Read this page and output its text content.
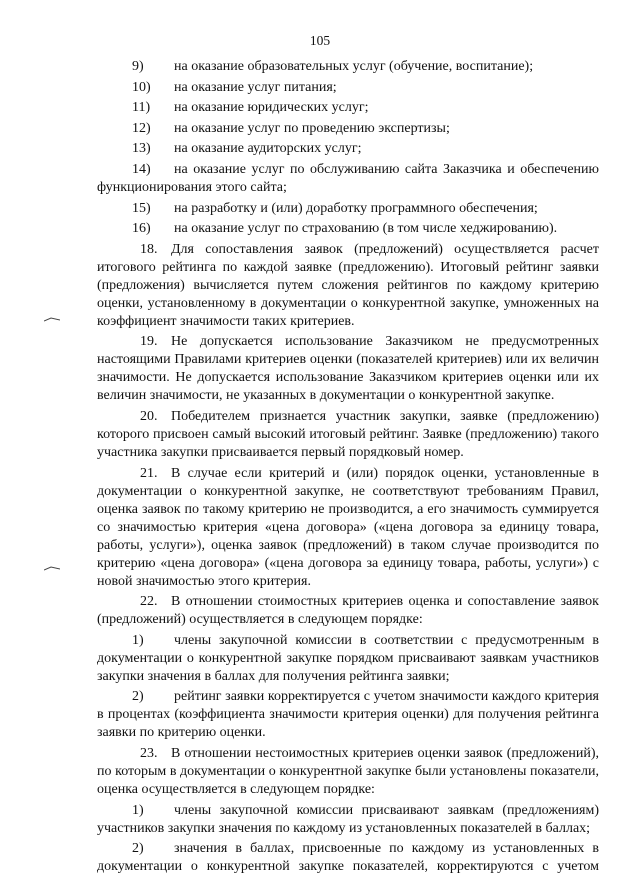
105
9) на оказание образовательных услуг (обучение, воспитание);
10) на оказание услуг питания;
11) на оказание юридических услуг;
12) на оказание услуг по проведению экспертизы;
13) на оказание аудиторских услуг;
14) на оказание услуг по обслуживанию сайта Заказчика и обеспечению функционирования этого сайта;
15) на разработку и (или) доработку программного обеспечения;
16) на оказание услуг по страхованию (в том числе хеджированию).
18. Для сопоставления заявок (предложений) осуществляется расчет итогового рейтинга по каждой заявке (предложению). Итоговый рейтинг заявки (предложения) вычисляется путем сложения рейтингов по каждому критерию оценки, установленному в документации о конкурентной закупке, умноженных на коэффициент значимости таких критериев.
19. Не допускается использование Заказчиком не предусмотренных настоящими Правилами критериев оценки (показателей критериев) или их величин значимости. Не допускается использование Заказчиком критериев оценки или их величин значимости, не указанных в документации о конкурентной закупке.
20. Победителем признается участник закупки, заявке (предложению) которого присвоен самый высокий итоговый рейтинг. Заявке (предложению) такого участника закупки присваивается первый порядковый номер.
21. В случае если критерий и (или) порядок оценки, установленные в документации о конкурентной закупке, не соответствуют требованиям Правил, оценка заявок по такому критерию не производится, а его значимость суммируется со значимостью критерия «цена договора» («цена договора за единицу товара, работы, услуги»), оценка заявок (предложений) в таком случае производится по критерию «цена договора» («цена договора за единицу товара, работы, услуги») с новой значимостью этого критерия.
22. В отношении стоимостных критериев оценка и сопоставление заявок (предложений) осуществляется в следующем порядке:
1) члены закупочной комиссии в соответствии с предусмотренным в документации о конкурентной закупке порядком присваивают заявкам участников закупки значения в баллах для получения рейтинга заявки;
2) рейтинг заявки корректируется с учетом значимости каждого критерия в процентах (коэффициента значимости критерия оценки) для получения рейтинга заявки по критерию оценки.
23. В отношении нестоимостных критериев оценки заявок (предложений), по которым в документации о конкурентной закупке были установлены показатели, оценка осуществляется в следующем порядке:
1) члены закупочной комиссии присваивают заявкам (предложениям) участников закупки значения по каждому из установленных показателей в баллах;
2) значения в баллах, присвоенные по каждому из установленных в документации о конкурентной закупке показателей, корректируются с учетом
